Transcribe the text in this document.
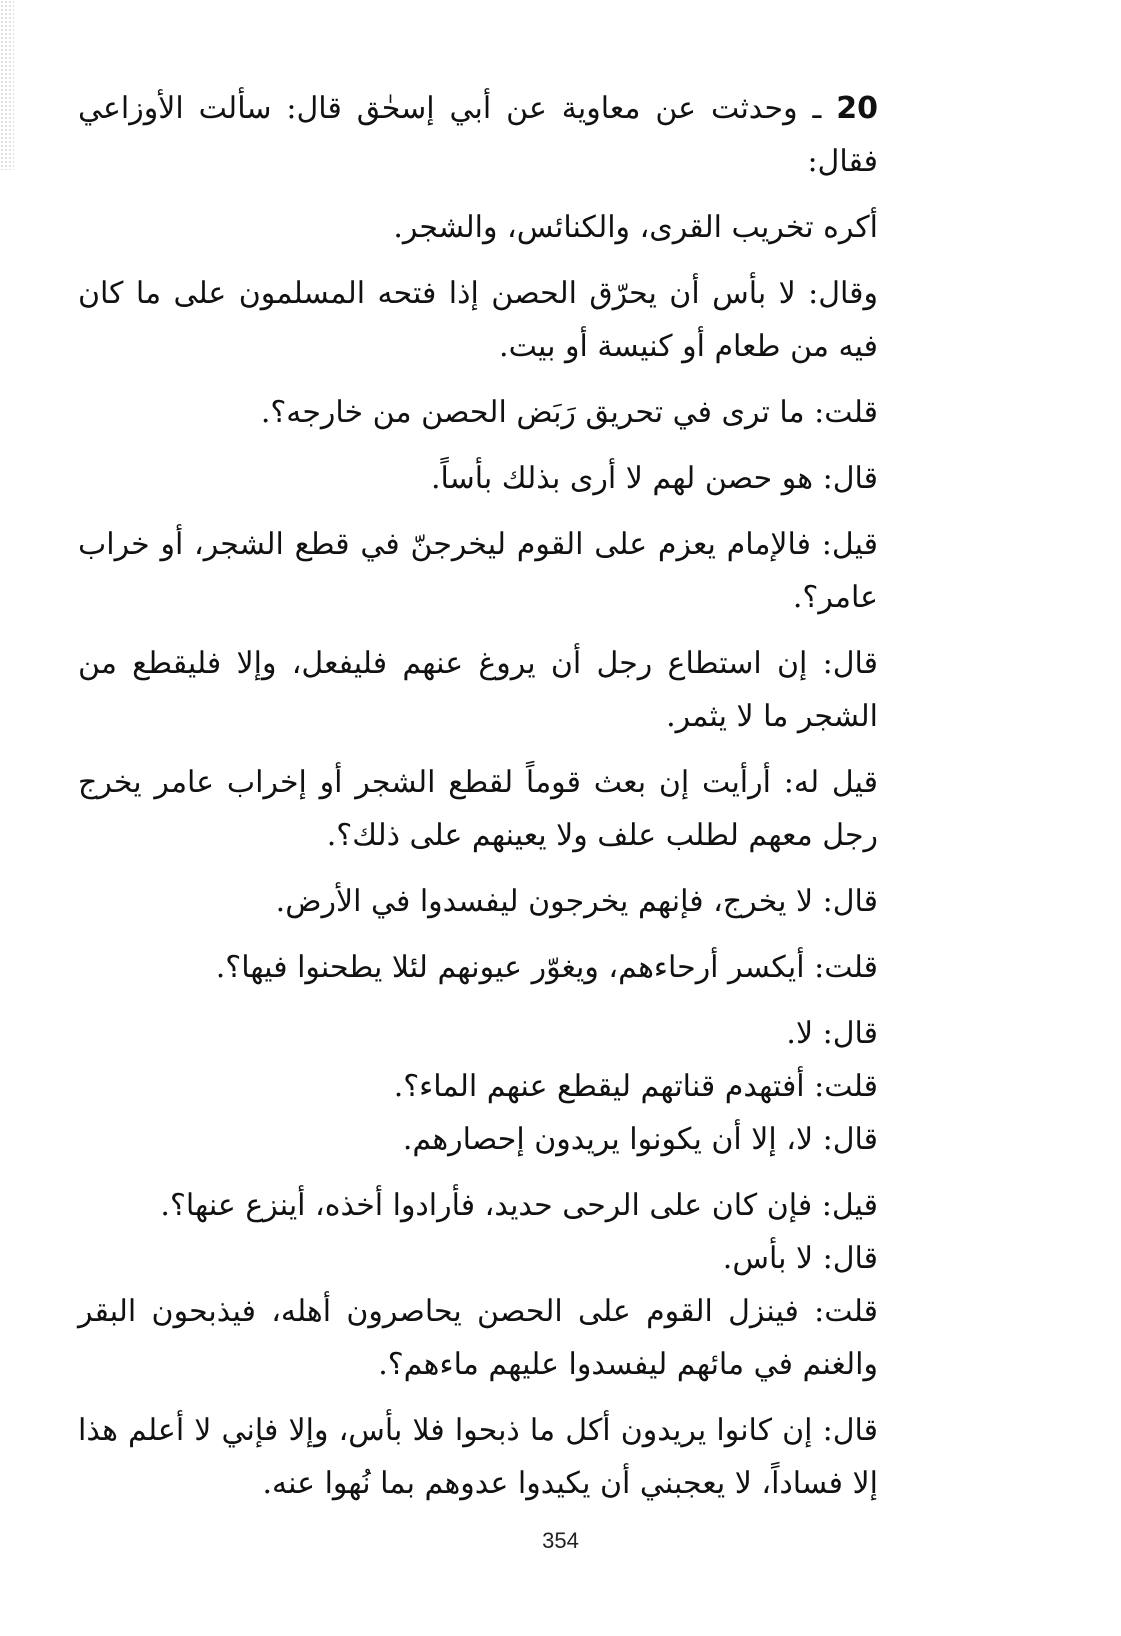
20 ـ وحدثت عن معاوية عن أبي إسحٰق قال: سألت الأوزاعي فقال:

أكره تخريب القرى، والكنائس، والشجر.

وقال: لا بأس أن يحرّق الحصن إذا فتحه المسلمون على ما كان فيه من طعام أو كنيسة أو بيت.

قلت: ما ترى في تحريق رَبَض الحصن من خارجه؟.

قال: هو حصن لهم لا أرى بذلك بأساً.

قيل: فالإمام يعزم على القوم ليخرجنّ في قطع الشجر، أو خراب عامر؟.

قال: إن استطاع رجل أن يروغ عنهم فليفعل، وإلا فليقطع من الشجر ما لا يثمر.

قيل له: أرأيت إن بعث قوماً لقطع الشجر أو إخراب عامر يخرج رجل معهم لطلب علف ولا يعينهم على ذلك؟.

قال: لا يخرج، فإنهم يخرجون ليفسدوا في الأرض.

قلت: أيكسر أرحاءهم، ويغوّر عيونهم لئلا يطحنوا فيها؟.

قال: لا.

قلت: أفتهدم قناتهم ليقطع عنهم الماء؟.

قال: لا، إلا أن يكونوا يريدون إحصارهم.

قيل: فإن كان على الرحى حديد، فأرادوا أخذه، أينزع عنها؟.

قال: لا بأس.

قلت: فينزل القوم على الحصن يحاصرون أهله، فيذبحون البقر والغنم في مائهم ليفسدوا عليهم ماءهم؟.

قال: إن كانوا يريدون أكل ما ذبحوا فلا بأس، وإلا فإني لا أعلم هذا إلا فساداً، لا يعجبني أن يكيدوا عدوهم بما نُهوا عنه.

354
